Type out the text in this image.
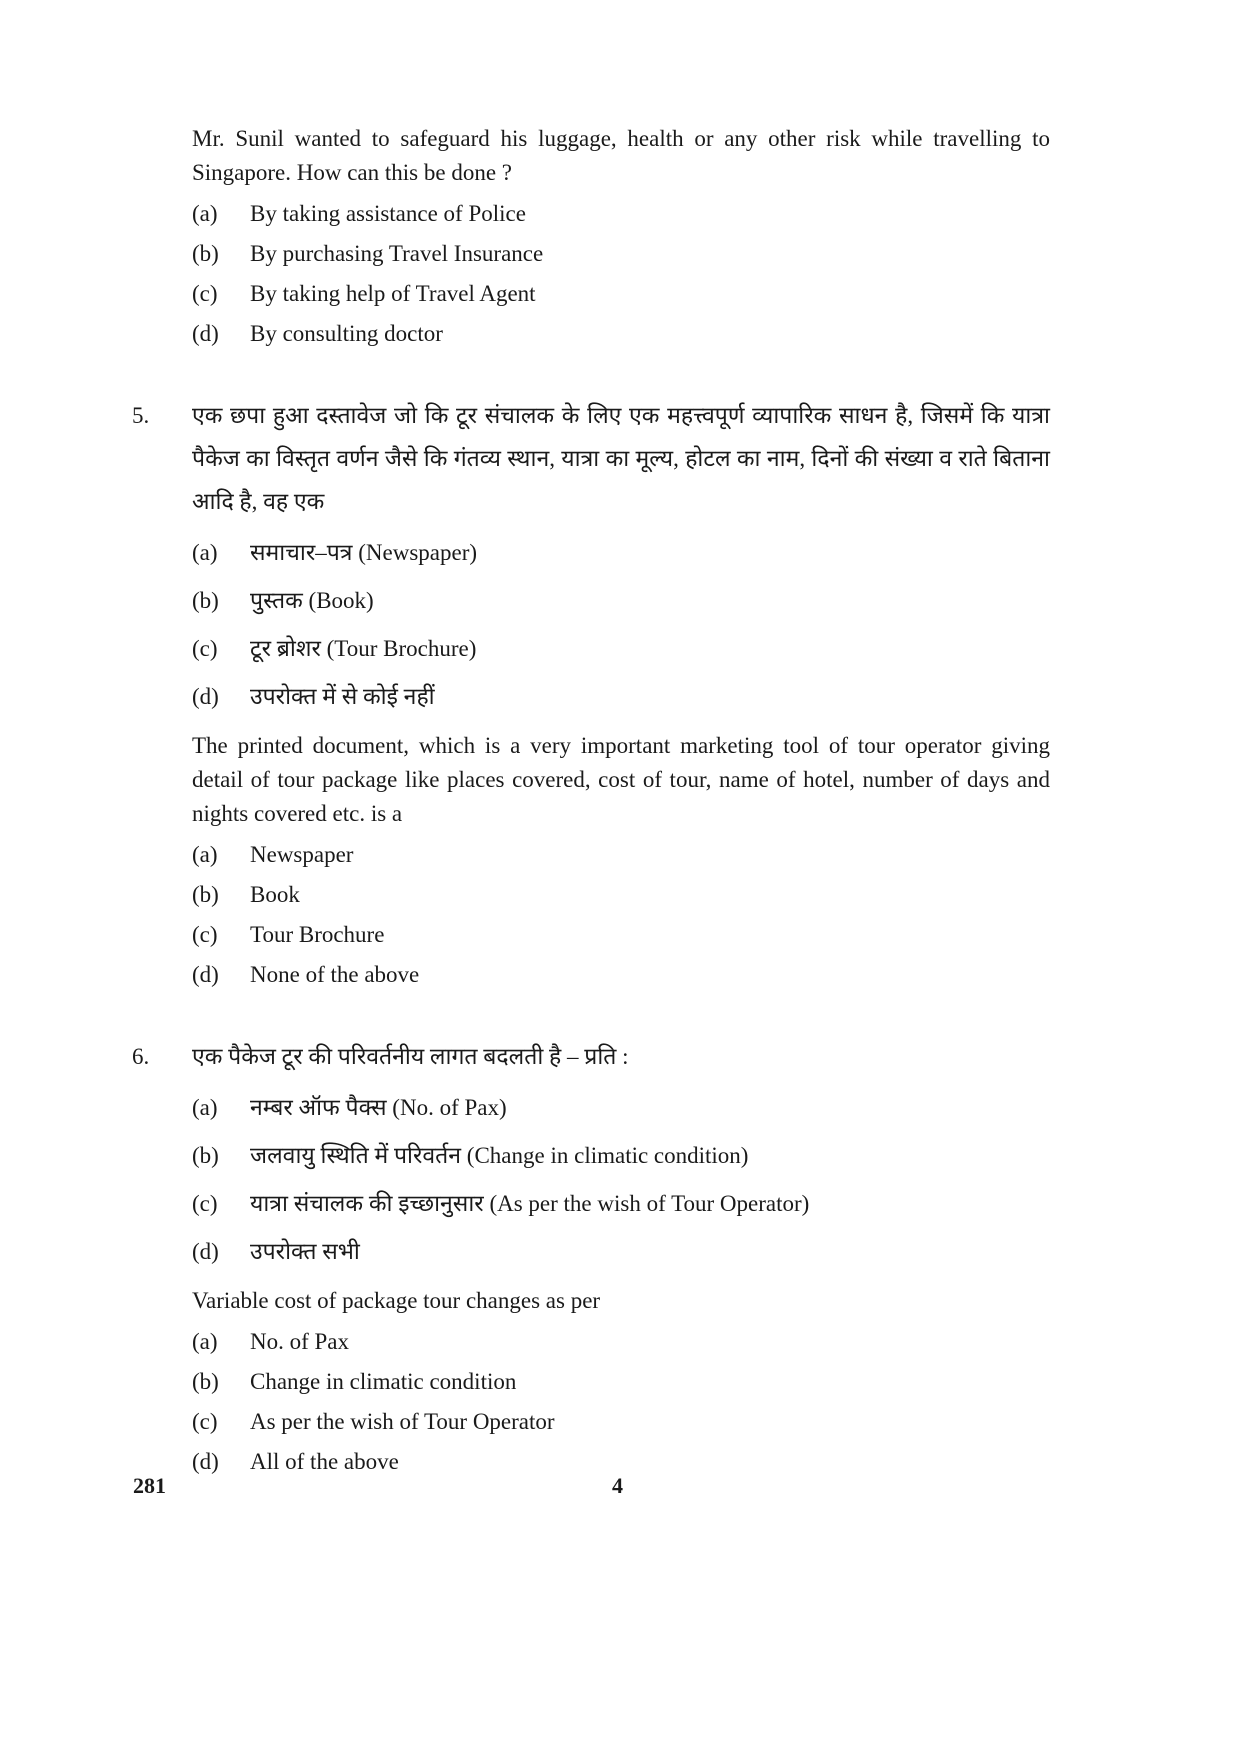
Mr. Sunil wanted to safeguard his luggage, health or any other risk while travelling to Singapore. How can this be done ?

(a)	By taking assistance of Police
(b)	By purchasing Travel Insurance
(c)	By taking help of Travel Agent
(d)	By consulting doctor
5. एक छपा हुआ दस्तावेज जो कि टूर संचालक के लिए एक महत्त्वपूर्ण व्यापारिक साधन है, जिसमें कि यात्रा पैकेज का विस्तृत वर्णन जैसे कि गंतव्य स्थान, यात्रा का मूल्य, होटल का नाम, दिनों की संख्या व राते बिताना आदि है, वह एक

(a)	समाचार–पत्र (Newspaper)
(b)	पुस्तक (Book)
(c)	टूर ब्रोशर (Tour Brochure)
(d)	उपरोक्त में से कोई नहीं

The printed document, which is a very important marketing tool of tour operator giving detail of tour package like places covered, cost of tour, name of hotel, number of days and nights covered etc. is a

(a)	Newspaper
(b)	Book
(c)	Tour Brochure
(d)	None of the above
6. एक पैकेज टूर की परिवर्तनीय लागत बदलती है – प्रति :

(a)	नम्बर ऑफ पैक्स (No. of Pax)
(b)	जलवायु स्थिति में परिवर्तन (Change in climatic condition)
(c)	यात्रा संचालक की इच्छानुसार (As per the wish of Tour Operator)
(d)	उपरोक्त सभी

Variable cost of package tour changes as per

(a)	No. of Pax
(b)	Change in climatic condition
(c)	As per the wish of Tour Operator
(d)	All of the above
281	4
